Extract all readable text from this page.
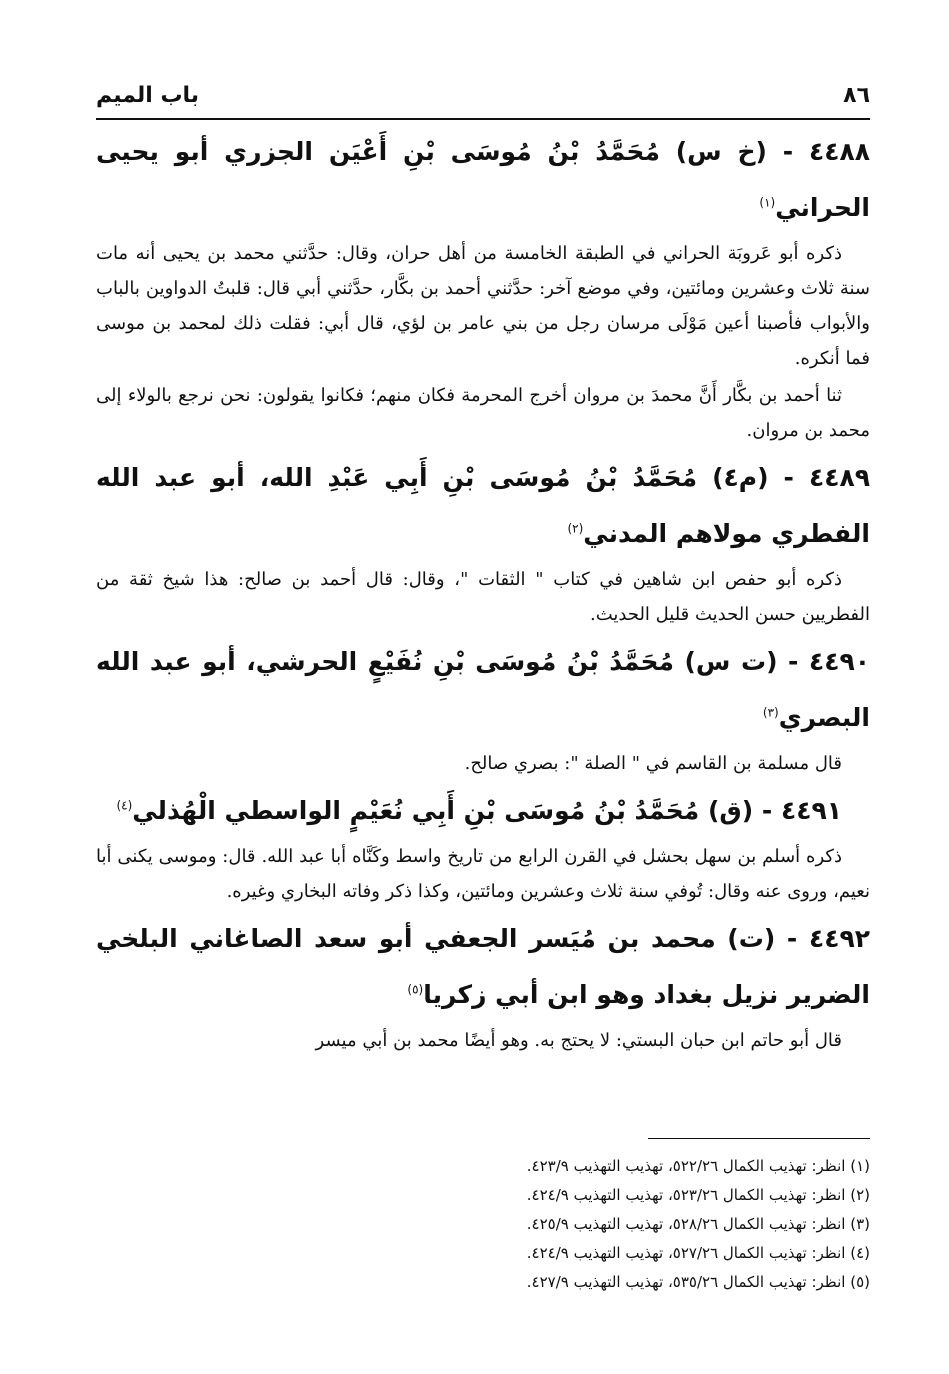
٨٦
باب الميم

٤٤٨٨ - (خ س) مُحَمَّدُ بْنُ مُوسَى بْنِ أَعْيَن الجزري أبو يحيى الحراني$^{(١)}$

ذكره أبو عَروبَة الحراني في الطبقة الخامسة من أهل حران، وقال: حدَّثني محمد بن يحيى أنه مات سنة ثلاث وعشرين ومائتين، وفي موضع آخر: حدَّثني أحمد بن بكَّار، حدَّثني أبي قال: قلبتُ الدواوين بالباب والأبواب فأصبنا أعين مَوْلَى مرسان رجل من بني عامر بن لؤي، قال أبي: فقلت ذلك لمحمد بن موسى فما أنكره.

ثنا أحمد بن بكَّار أَنَّ محمدَ بن مروان أخرج المحرمة فكان منهم؛ فكانوا يقولون: نحن نرجع بالولاء إلى محمد بن مروان.

٤٤٨٩ - (م٤) مُحَمَّدُ بْنُ مُوسَى بْنِ أَبِي عَبْدِ الله، أبو عبد الله الفطري مولاهم المدني$^{(٢)}$

ذكره أبو حفص ابن شاهين في كتاب " الثقات "، وقال: قال أحمد بن صالح: هذا شيخ ثقة من الفطريين حسن الحديث قليل الحديث.

٤٤٩٠ - (ت س) مُحَمَّدُ بْنُ مُوسَى بْنِ نُفَيْعٍ الحرشي، أبو عبد الله البصري$^{(٣)}$

قال مسلمة بن القاسم في " الصلة ": بصري صالح.

٤٤٩١ - (ق) مُحَمَّدُ بْنُ مُوسَى بْنِ أَبِي نُعَيْمٍ الواسطي الْهُذلي$^{(٤)}$

ذكره أسلم بن سهل بحشل في القرن الرابع من تاريخ واسط وكَنَّاه أبا عبد الله. قال: وموسى يكنى أبا نعيم، وروى عنه وقال: تُوفي سنة ثلاث وعشرين ومائتين، وكذا ذكر وفاته البخاري وغيره.

٤٤٩٢ - (ت) محمد بن مُيَسر الجعفي أبو سعد الصاغاني البلخي الضرير نزيل بغداد وهو ابن أبي زكريا$^{(٥)}$

قال أبو حاتم ابن حبان البستي: لا يحتج به. وهو أيضًا محمد بن أبي ميسر

(١) انظر: تهذيب الكمال ٥٢٢/٢٦، تهذيب التهذيب ٤٢٣/٩.

(٢) انظر: تهذيب الكمال ٥٢٣/٢٦، تهذيب التهذيب ٤٢٤/٩.

(٣) انظر: تهذيب الكمال ٥٢٨/٢٦، تهذيب التهذيب ٤٢٥/٩.

(٤) انظر: تهذيب الكمال ٥٢٧/٢٦، تهذيب التهذيب ٤٢٤/٩.

(٥) انظر: تهذيب الكمال ٥٣٥/٢٦، تهذيب التهذيب ٤٢٧/٩.
